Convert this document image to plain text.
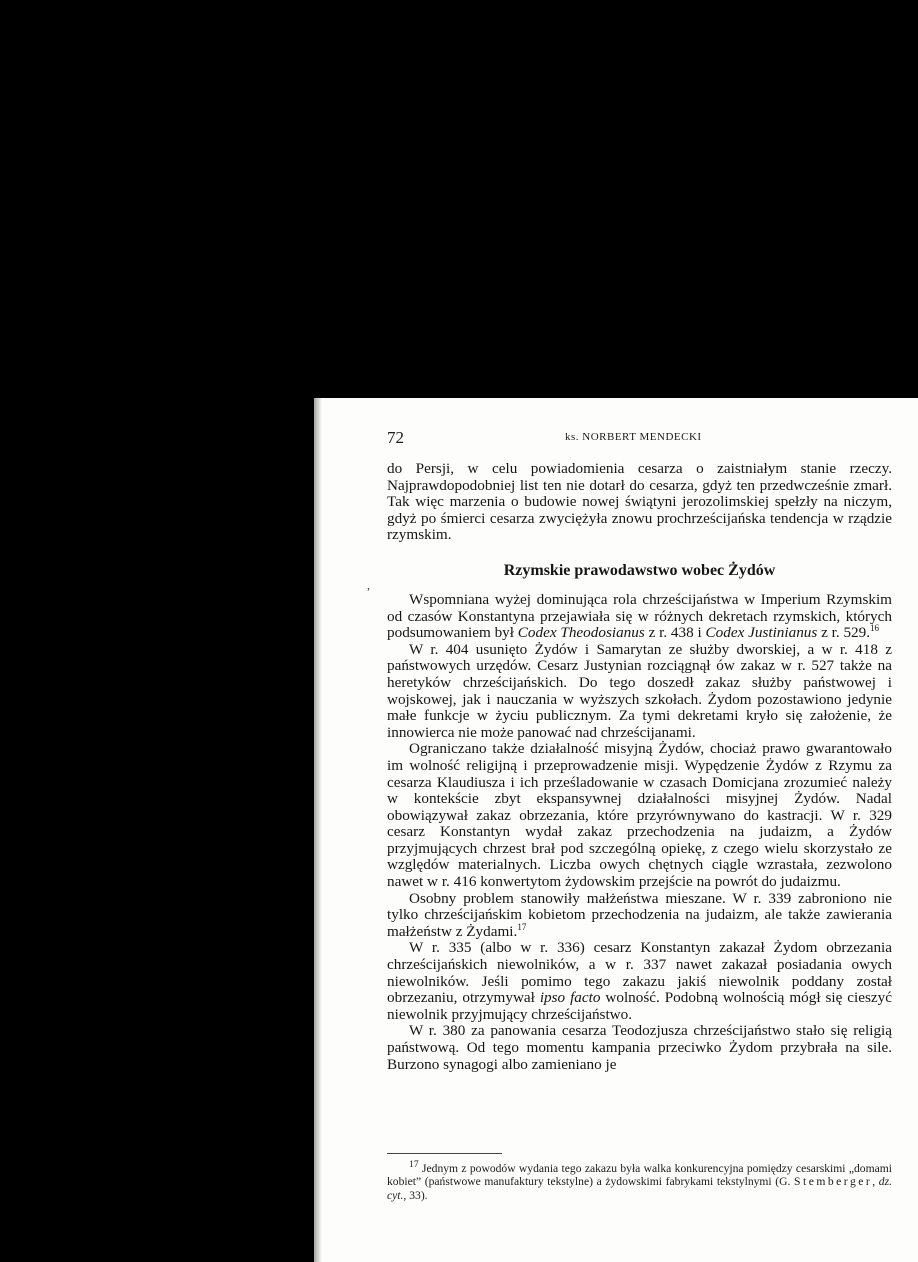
72	ks. NORBERT MENDECKI
,

do Persji, w celu powiadomienia cesarza o zaistniałym stanie rzeczy. Najprawdopodobniej list ten nie dotarł do cesarza, gdyż ten przedwcześnie zmarł. Tak więc marzenia o budowie nowej świątyni jerozolimskiej spełzły na niczym, gdyż po śmierci cesarza zwyciężyła znowu prochrześcijańska tendencja w rządzie rzymskim.

Rzymskie prawodawstwo wobec Żydów

Wspomniana wyżej dominująca rola chrześcijaństwa w Imperium Rzymskim od czasów Konstantyna przejawiała się w różnych dekretach rzymskich, których podsumowaniem był Codex Theodosianus z r. 438 i Codex Justinianus z r. 529.16

W r. 404 usunięto Żydów i Samarytan ze służby dworskiej, a w r. 418 z państwowych urzędów. Cesarz Justynian rozciągnął ów zakaz w r. 527 także na heretyków chrześcijańskich. Do tego doszedł zakaz służby państwowej i wojskowej, jak i nauczania w wyższych szkołach. Żydom pozostawiono jedynie małe funkcje w życiu publicznym. Za tymi dekretami kryło się założenie, że innowierca nie może panować nad chrześcijanami.

Ograniczano także działalność misyjną Żydów, chociaż prawo gwarantowało im wolność religijną i przeprowadzenie misji. Wypędzenie Żydów z Rzymu za cesarza Klaudiusza i ich prześladowanie w czasach Domicjana zrozumieć należy w kontekście zbyt ekspansywnej działalności misyjnej Żydów. Nadal obowiązywał zakaz obrzezania, które przyrównywano do kastracji. W r. 329 cesarz Konstantyn wydał zakaz przechodzenia na judaizm, a Żydów przyjmujących chrzest brał pod szczególną opiekę, z czego wielu skorzystało ze względów materialnych. Liczba owych chętnych ciągle wzrastała, zezwolono nawet w r. 416 konwertytom żydowskim przejście na powrót do judaizmu.

Osobny problem stanowiły małżeństwa mieszane. W r. 339 zabroniono nie tylko chrześcijańskim kobietom przechodzenia na judaizm, ale także zawierania małżeństw z Żydami.$^{17}$

W r. 335 (albo w r. 336) cesarz Konstantyn zakazał Żydom obrzezania chrześcijańskich niewolników, a w r. 337 nawet zakazał posiadania owych niewolników. Jeśli pomimo tego zakazu jakiś niewolnik poddany został obrzezaniu, otrzymywał ipso facto wolność. Podobną wolnością mógł się cieszyć niewolnik przyjmujący chrześcijaństwo.

W r. 380 za panowania cesarza Teodozjusza chrześcijaństwo stało się religią państwową. Od tego momentu kampania przeciwko Żydom przybrała na sile. Burzono synagogi albo zamieniano je

$^{17}$ Jednym z powodów wydania tego zakazu była walka konkurencyjna pomiędzy cesarskimi „domami kobiet” (państwowe manufaktury tekstylne) a żydowskimi fabrykami tekstylnymi (G. Stemberger, dz. cyt., 33).
